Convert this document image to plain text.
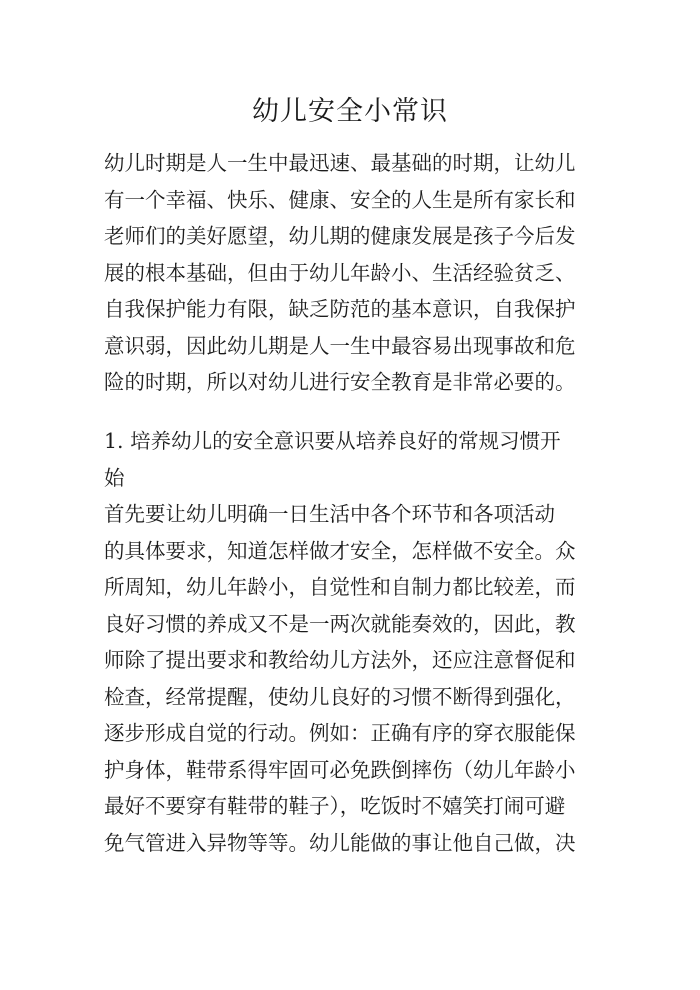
幼儿安全小常识
幼儿时期是人一生中最迅速、最基础的时期，让幼儿
有一个幸福、快乐、健康、安全的人生是所有家长和
老师们的美好愿望，幼儿期的健康发展是孩子今后发
展的根本基础，但由于幼儿年龄小、生活经验贫乏、
自我保护能力有限，缺乏防范的基本意识，自我保护
意识弱，因此幼儿期是人一生中最容易出现事故和危
险的时期，所以对幼儿进行安全教育是非常必要的。
1. 培养幼儿的安全意识要从培养良好的常规习惯开
始
首先要让幼儿明确一日生活中各个环节和各项活动
的具体要求，知道怎样做才安全，怎样做不安全。众
所周知，幼儿年龄小，自觉性和自制力都比较差，而
良好习惯的养成又不是一两次就能奏效的，因此，教
师除了提出要求和教给幼儿方法外，还应注意督促和
检查，经常提醒，使幼儿良好的习惯不断得到强化，
逐步形成自觉的行动。例如：正确有序的穿衣服能保
护身体，鞋带系得牢固可必免跌倒摔伤（幼儿年龄小
最好不要穿有鞋带的鞋子），吃饭时不嬉笑打闹可避
免气管进入异物等等。幼儿能做的事让他自己做，决
